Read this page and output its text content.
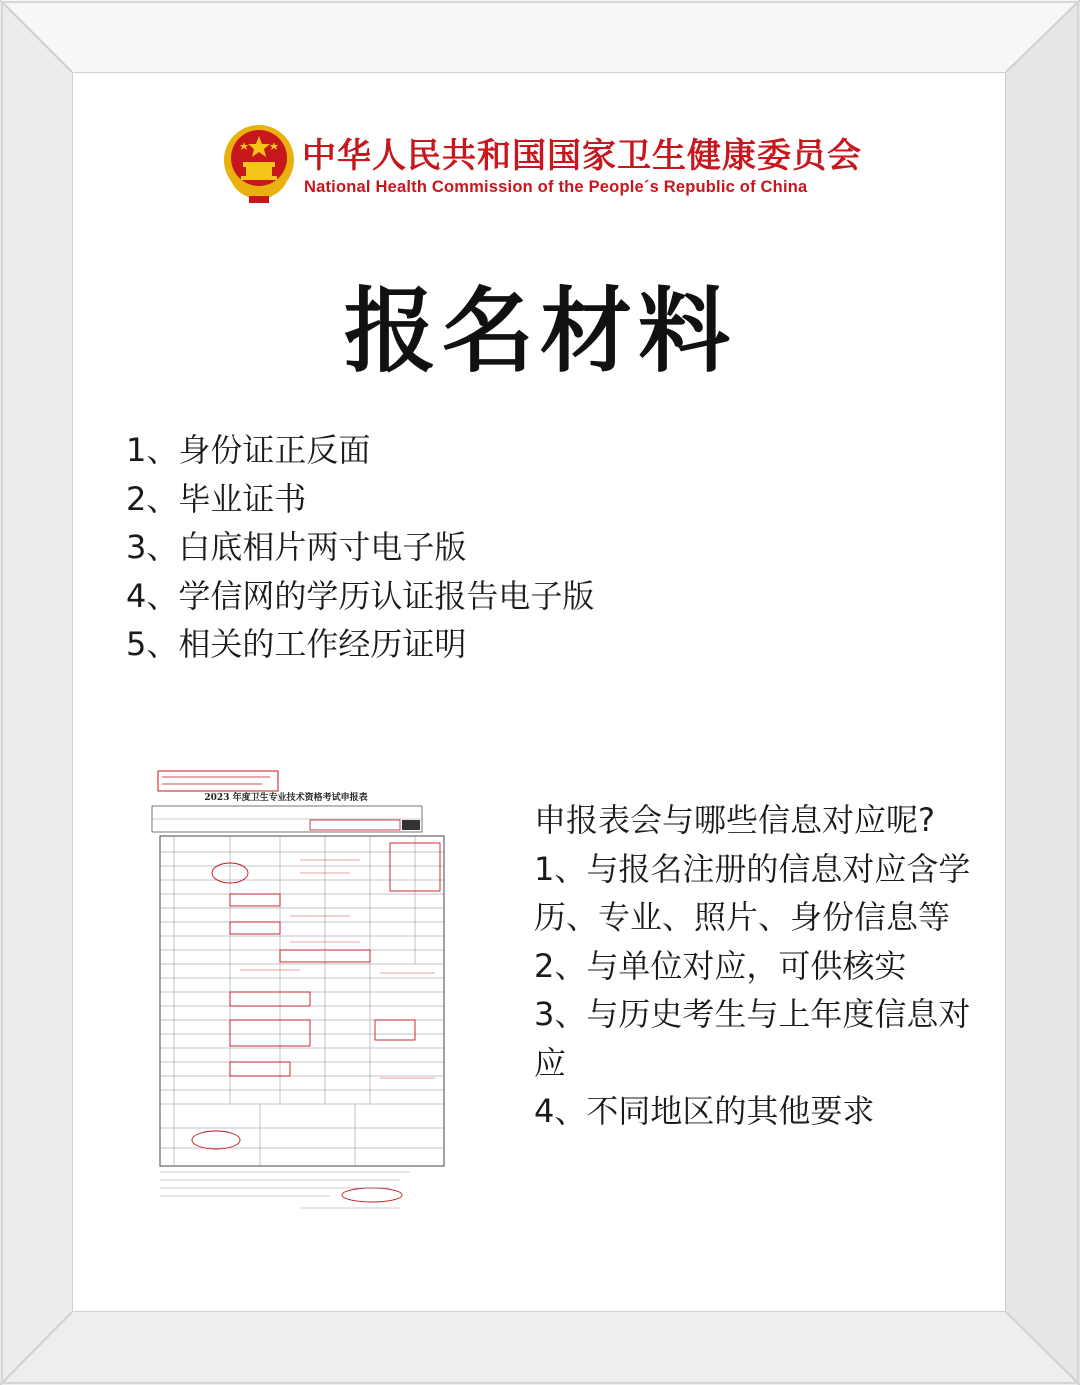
中华人民共和国国家卫生健康委员会
National Health Commission of the People´s Republic of China
报名材料
1、身份证正反面
2、毕业证书
3、白底相片两寸电子版
4、学信网的学历认证报告电子版
5、相关的工作经历证明
2023 年度卫生专业技术资格考试申报表

申报表会与哪些信息对应呢?

1、与报名注册的信息对应含学历、专业、照片、身份信息等

2、与单位对应，可供核实

3、与历史考生与上年度信息对应

4、不同地区的其他要求
